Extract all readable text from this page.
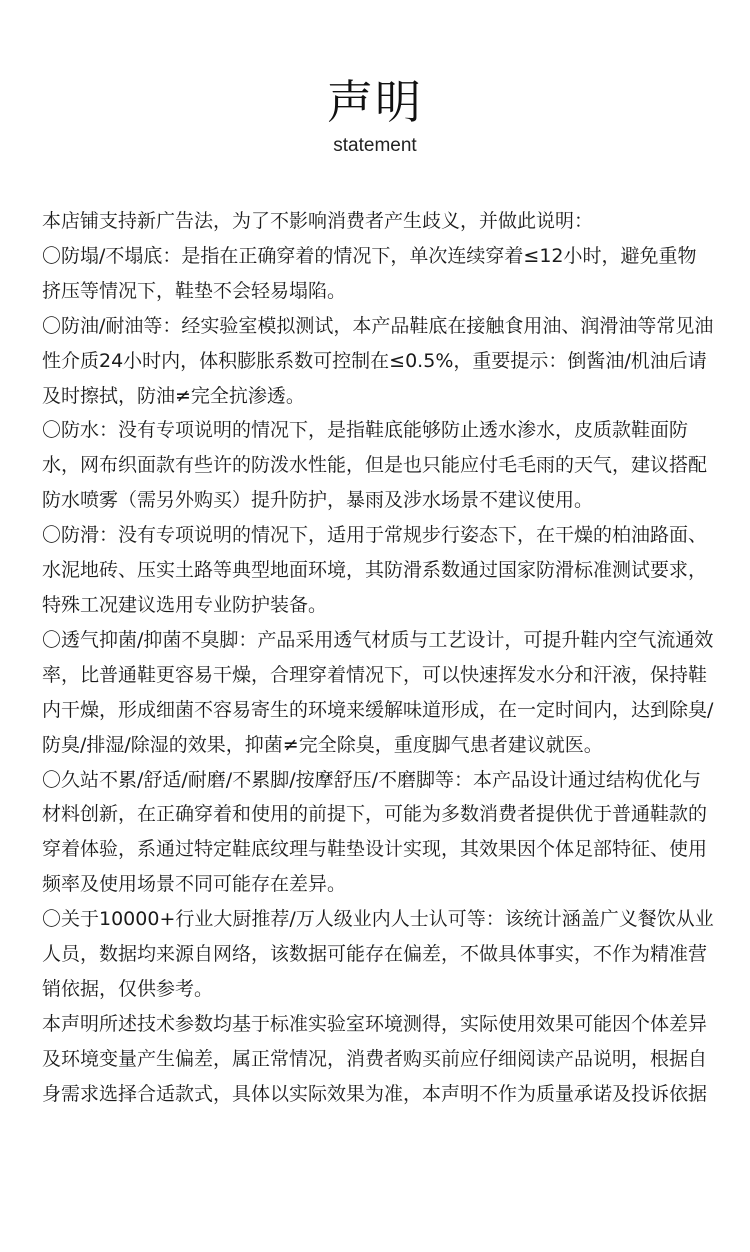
声明
statement

本店铺支持新广告法，为了不影响消费者产生歧义，并做此说明：

〇防塌/不塌底：是指在正确穿着的情况下，单次连续穿着≤12小时，避免重物挤压等情况下，鞋垫不会轻易塌陷。

〇防油/耐油等：经实验室模拟测试，本产品鞋底在接触食用油、润滑油等常见油性介质24小时内，体积膨胀系数可控制在≤0.5%，重要提示：倒酱油/机油后请及时擦拭，防油≠完全抗渗透。

〇防水：没有专项说明的情况下，是指鞋底能够防止透水渗水，皮质款鞋面防水，网布织面款有些许的防泼水性能，但是也只能应付毛毛雨的天气，建议搭配防水喷雾（需另外购买）提升防护，暴雨及涉水场景不建议使用。

〇防滑：没有专项说明的情况下，适用于常规步行姿态下，在干燥的柏油路面、水泥地砖、压实土路等典型地面环境，其防滑系数通过国家防滑标准测试要求，特殊工况建议选用专业防护装备。

〇透气抑菌/抑菌不臭脚：产品采用透气材质与工艺设计，可提升鞋内空气流通效率，比普通鞋更容易干燥，合理穿着情况下，可以快速挥发水分和汗液，保持鞋内干燥，形成细菌不容易寄生的环境来缓解味道形成，在一定时间内，达到除臭/防臭/排湿/除湿的效果，抑菌≠完全除臭，重度脚气患者建议就医。

〇久站不累/舒适/耐磨/不累脚/按摩舒压/不磨脚等：本产品设计通过结构优化与材料创新，在正确穿着和使用的前提下，可能为多数消费者提供优于普通鞋款的穿着体验，系通过特定鞋底纹理与鞋垫设计实现，其效果因个体足部特征、使用频率及使用场景不同可能存在差异。

〇关于10000+行业大厨推荐/万人级业内人士认可等：该统计涵盖广义餐饮从业人员，数据均来源自网络，该数据可能存在偏差，不做具体事实，不作为精准营销依据，仅供参考。

本声明所述技术参数均基于标准实验室环境测得，实际使用效果可能因个体差异及环境变量产生偏差，属正常情况，消费者购买前应仔细阅读产品说明，根据自身需求选择合适款式，具体以实际效果为准，本声明不作为质量承诺及投诉依据
